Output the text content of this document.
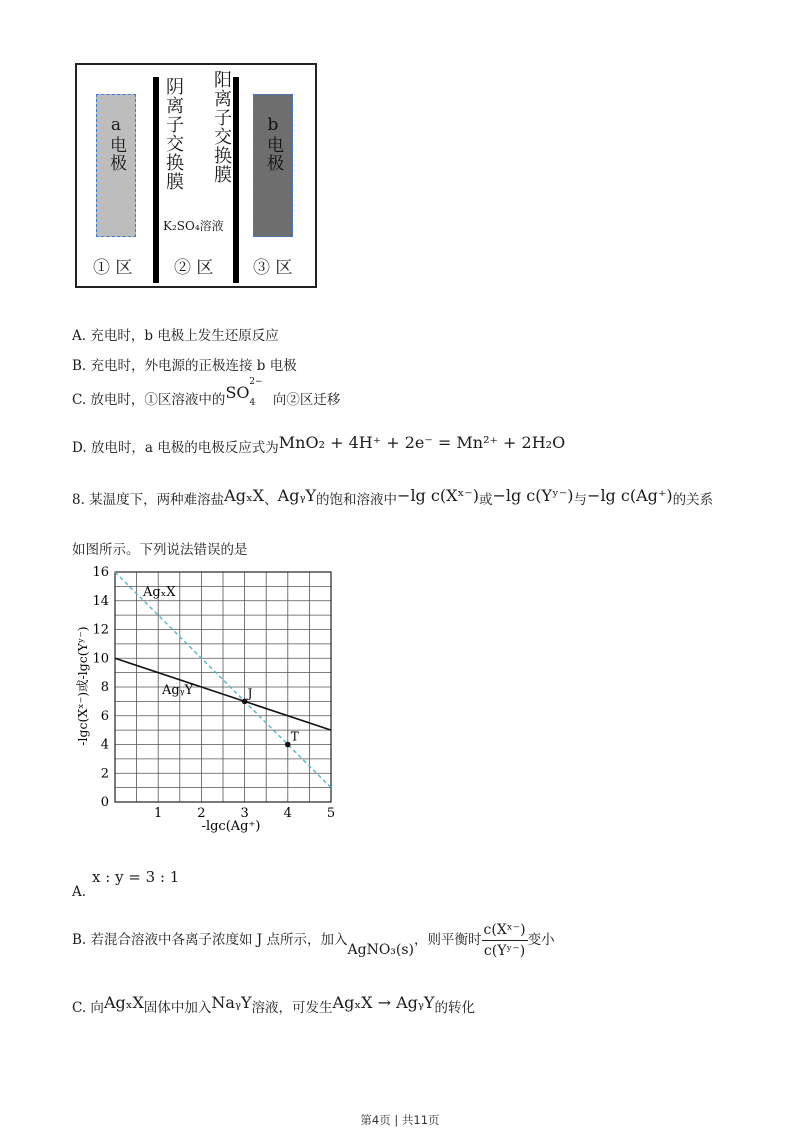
a电极 阴离子交换膜 阳离子交换膜
K₂SO₄溶液
b电极
① 区 ② 区 ③ 区
A. 充电时，b 电极上发生还原反应
B. 充电时，外电源的正极连接 b 电极
C. 放电时，①区溶液中的$SO_4^{2-}$ 向②区迁移
D. 放电时，a 电极的电极反应式为MnO₂ + 4H⁺ + 2e⁻ = Mn²⁺ + 2H₂O
8. 某温度下，两种难溶盐AgₓX、AgᵧY的饱和溶液中−lg c(Xˣ⁻)或−lg c(Yʸ⁻)与−lg c(Ag⁺)的关系
如图所示。下列说法错误的是
J
T
0
2
4
6
8
10
12
14
16
1	2	3	4	5
-lgc(Ag⁺)
-lgc(Xˣ⁻)或-lgc(Yʸ⁻)
AgₓX
AgᵧY
A.x : y = 3 : 1
B. 若混合溶液中各离子浓度如 J 点所示，加入AgNO₃(s)，则平衡时 $\frac{\text{c(Xˣ⁻)}}{\text{c(Yʸ⁻)}}$ 变小
C. 向AgₓX固体中加入NaᵧY溶液，可发生AgₓX → AgᵧY的转化
第4页 | 共11页
